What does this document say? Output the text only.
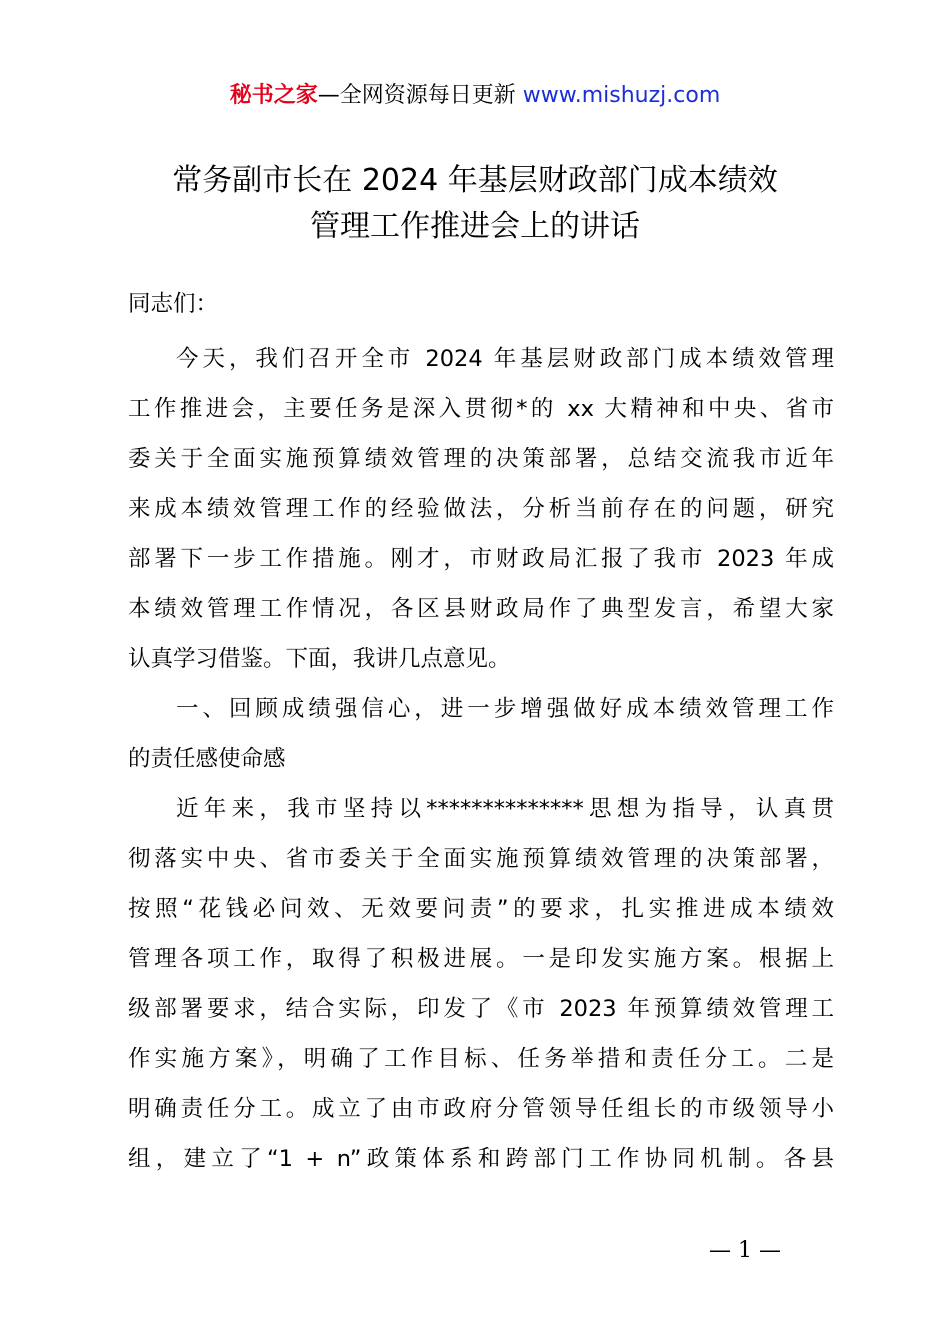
秘书之家—全网资源每日更新 www.mishuzj.com
常务副市长在 2024 年基层财政部门成本绩效
管理工作推进会上的讲话

同志们：

今天，我们召开全市 2024 年基层财政部门成本绩效管理
工作推进会，主要任务是深入贯彻*的 xx 大精神和中央、省市
委关于全面实施预算绩效管理的决策部署，总结交流我市近年
来成本绩效管理工作的经验做法，分析当前存在的问题，研究
部署下一步工作措施。刚才，市财政局汇报了我市 2023 年成
本绩效管理工作情况，各区县财政局作了典型发言，希望大家
认真学习借鉴。下面，我讲几点意见。

一、回顾成绩强信心，进一步增强做好成本绩效管理工作
的责任感使命感

近年来，我市坚持以**************思想为指导，认真贯
彻落实中央、省市委关于全面实施预算绩效管理的决策部署，
按照“花钱必问效、无效要问责”的要求，扎实推进成本绩效
管理各项工作，取得了积极进展。一是印发实施方案。根据上
级部署要求，结合实际，印发了《市 2023 年预算绩效管理工
作实施方案》，明确了工作目标、任务举措和责任分工。二是
明确责任分工。成立了由市政府分管领导任组长的市级领导小
组，建立了“1 + n”政策体系和跨部门工作协同机制。各县

— 1 —
